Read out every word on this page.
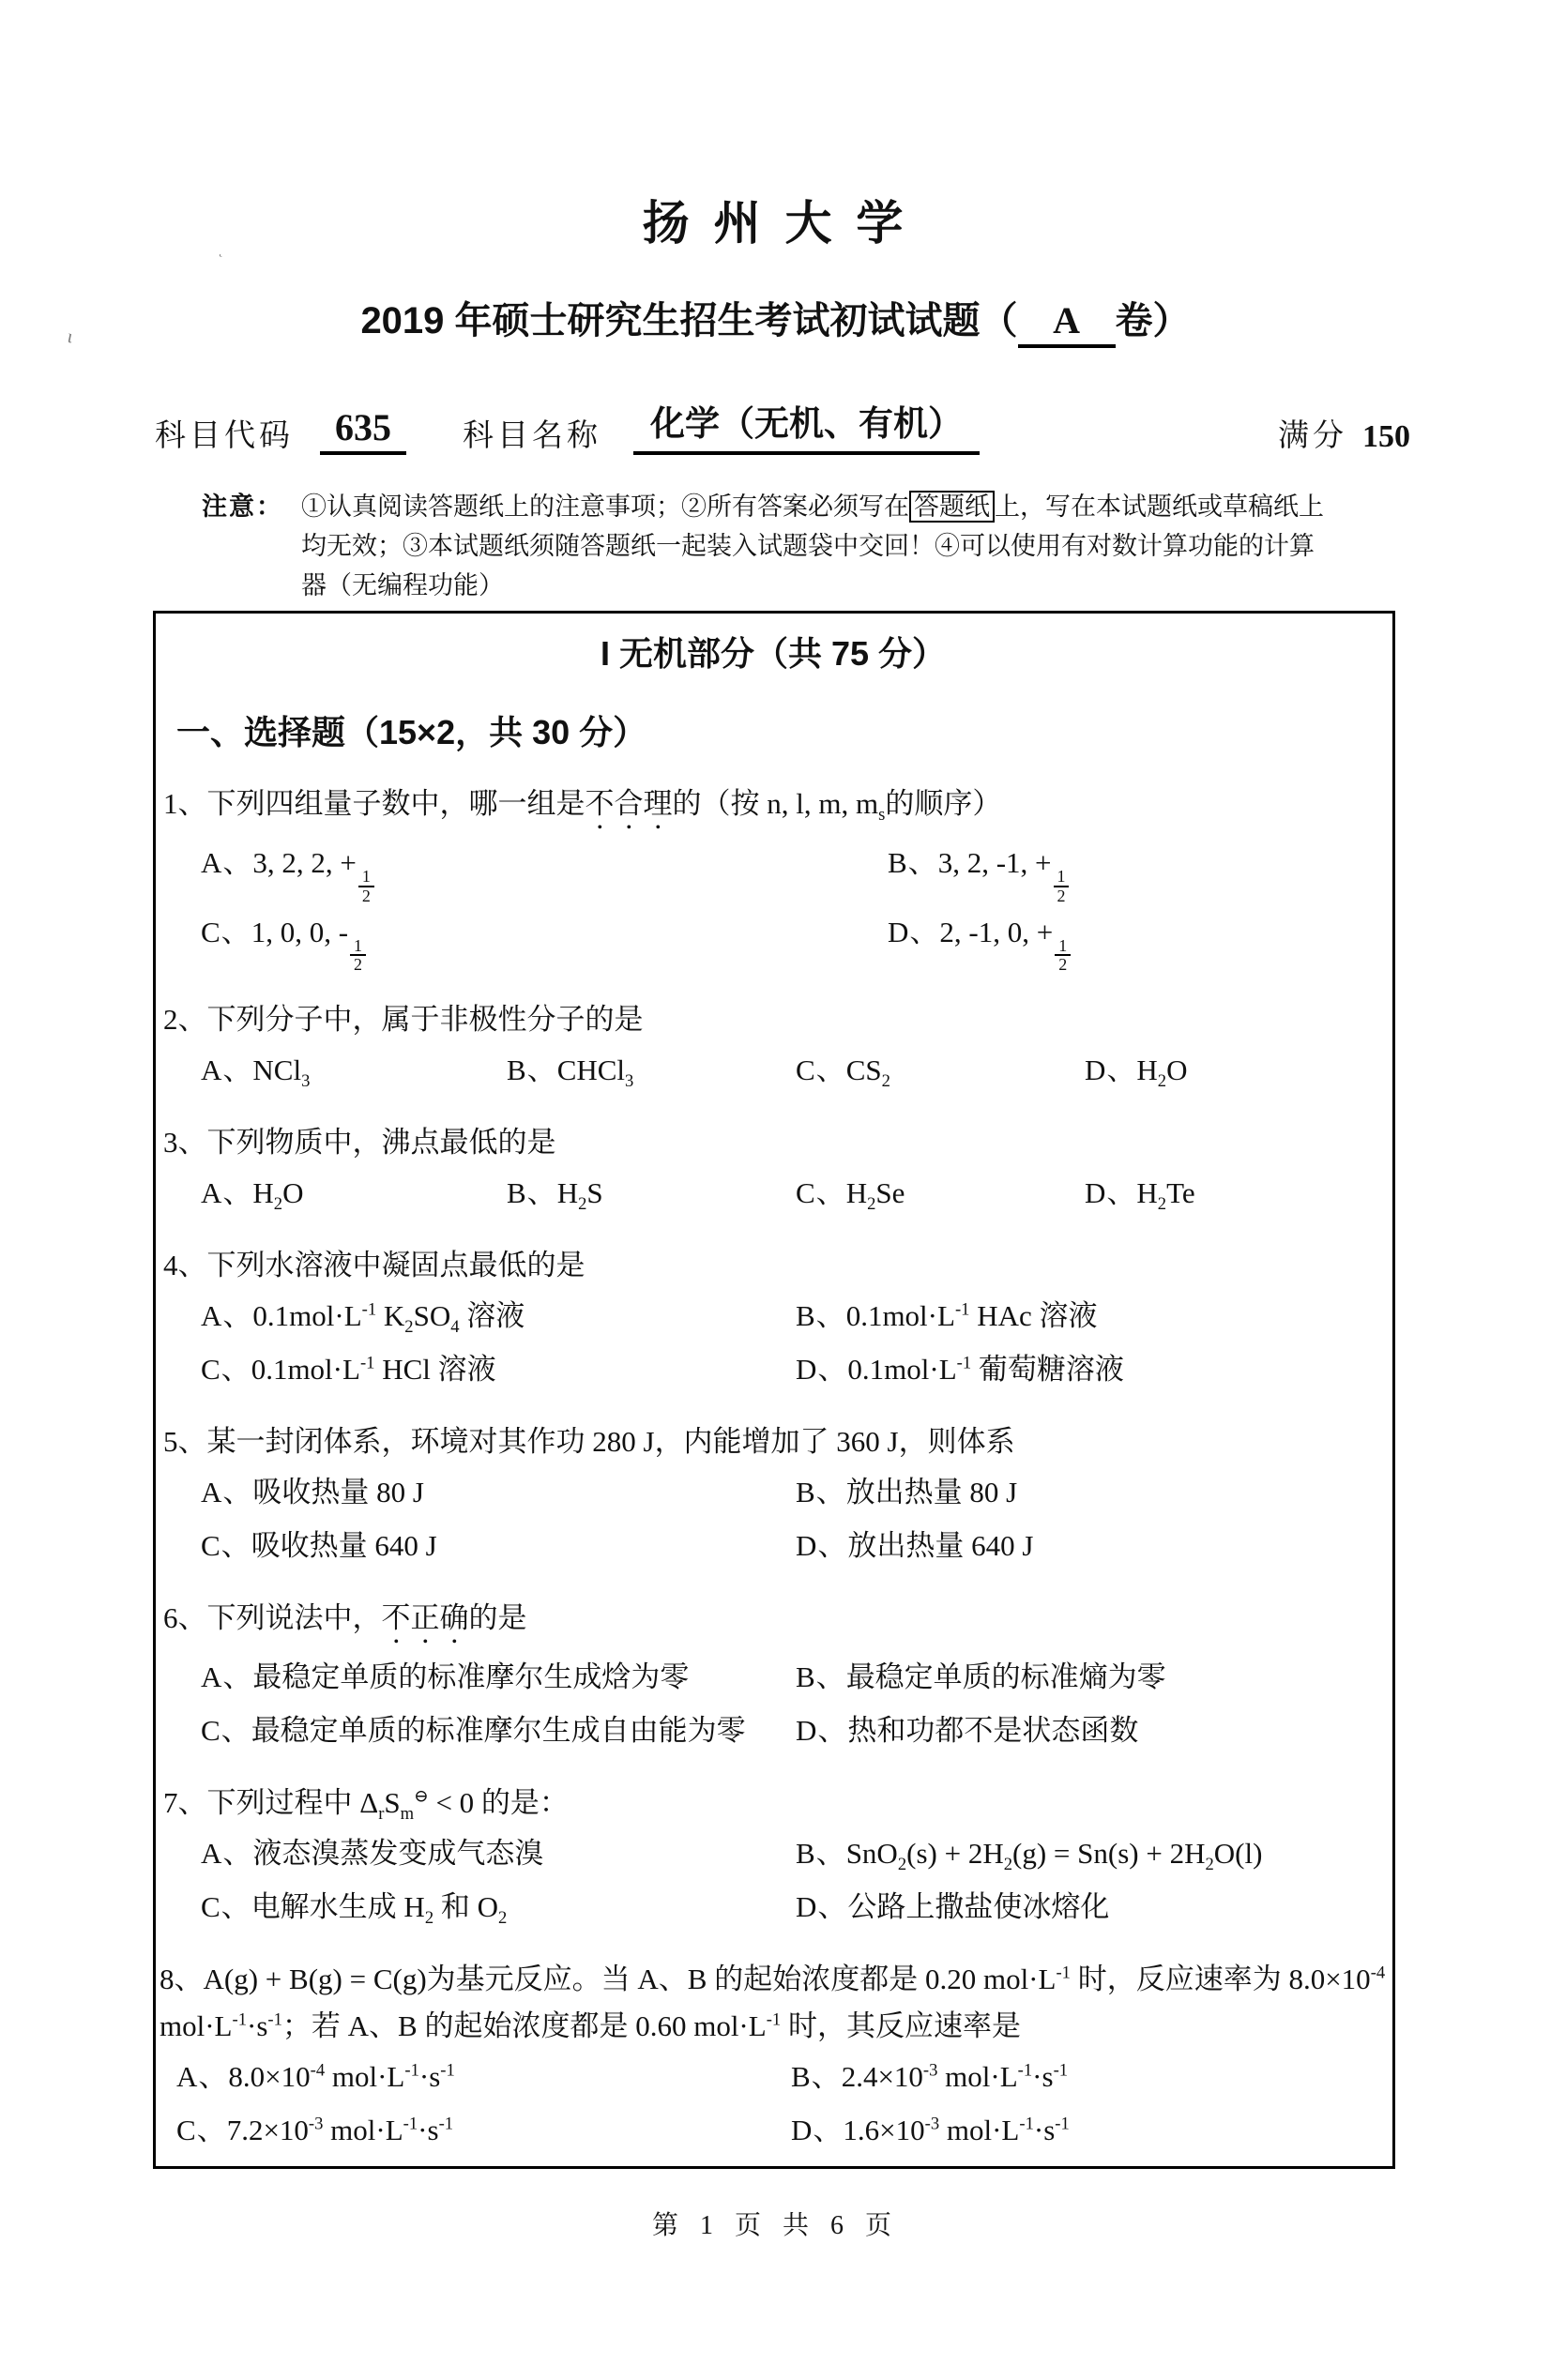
ι
˛
扬 州 大 学
2019 年硕士研究生招生考试初试试题（ A 卷）
科目代码	635	科目名称	化学（无机、有机）	满分 150
注意： ①认真阅读答题纸上的注意事项；②所有答案必须写在 答题纸 上，写在本试题纸或草稿纸上
均无效；③本试题纸须随答题纸一起装入试题袋中交回！④可以使用有对数计算功能的计算
器（无编程功能）
I 无机部分（共 75 分）
一、选择题（15×2，共 30 分）
1、下列四组量子数中，哪一组是不合理的（按 n, l, m, $m_s$的顺序）
A、3, 2, 2, +
$\frac{1}{2}$
B、3, 2, -1, +
$\frac{1}{2}$
C、1, 0, 0, -
$\frac{1}{2}$
D、2, -1, 0, +
$\frac{1}{2}$
2、下列分子中，属于非极性分子的是
A、NCl$_3$	B、CHCl$_3$	C、$CS_2$	D、$H_2O$
3、下列物质中，沸点最低的是
A、$H_2O$	B、$H_2S$	C、$H_2Se$	D、$H_2Te$
4、下列水溶液中凝固点最低的是
A、$0.1mol\cdot L^{-1}$ $K_2SO_4$ 溶液	B、$0.1mol\cdot L^{-1}$ HAc 溶液
C、$0.1mol\cdot L^{-1}$ HCl 溶液	D、$0.1mol\cdot L^{-1}$ 葡萄糖溶液
5、某一封闭体系，环境对其作功 280 J，内能增加了 360 J，则体系
A、吸收热量 80 J	B、放出热量 80 J
C、吸收热量 640 J	D、放出热量 640 J
6、下列说法中，不正确的是
A、最稳定单质的标准摩尔生成焓为零	B、最稳定单质的标准熵为零
C、最稳定单质的标准摩尔生成自由能为零	D、热和功都不是状态函数
7、下列过程中 $\Delta_rS_m^⊖ < 0$ 的是：
A、液态溴蒸发变成气态溴	B、$SnO_2(s) + 2H_2(g) = Sn(s) + 2H_2O(l)$
C、电解水生成 $H_2$ 和 $O_2$	D、公路上撒盐使冰熔化
8、A(g) + B(g) = C(g)为基元反应。当 A、B 的起始浓度都是 0.20 $mol\cdot L^{-1}$ 时，反应速率为 $8.0\times 10^{-4}$
$mol\cdot L^{-1}\cdot s^{-1}$；若 A、B 的起始浓度都是 0.60 $mol\cdot L^{-1}$ 时，其反应速率是
A、$8.0\times 10^{-4}$ $mol\cdot L^{-1}\cdot s^{-1}$	B、$2.4\times 10^{-3}$ $mol\cdot L^{-1}\cdot s^{-1}$
C、$7.2\times 10^{-3}$ $mol\cdot L^{-1}\cdot s^{-1}$	D、$1.6\times 10^{-3}$ $mol\cdot L^{-1}\cdot s^{-1}$
第 1 页 共 6 页
